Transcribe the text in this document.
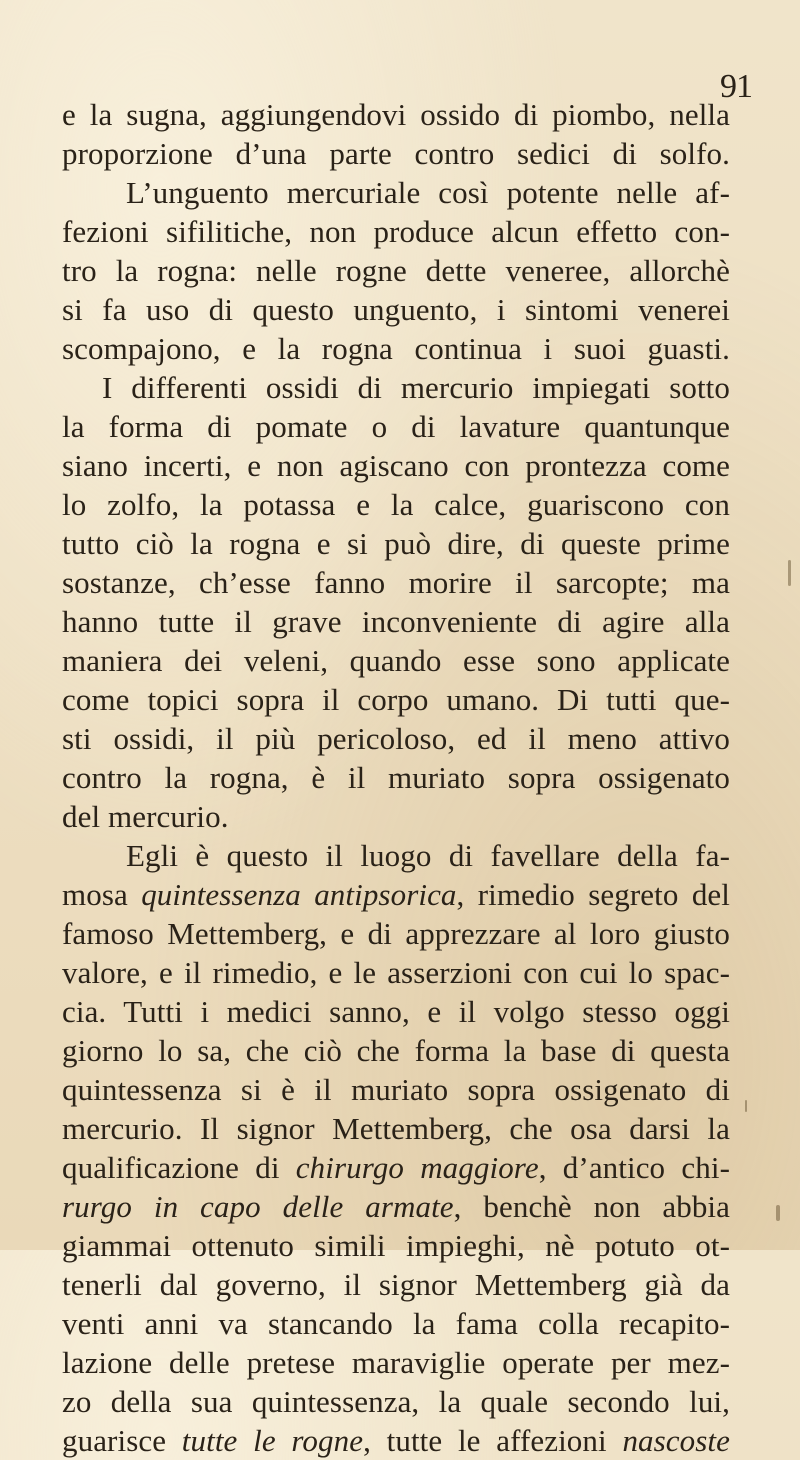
91
e la sugna, aggiungendovi ossido di piombo, nella
proporzione d’una parte contro sedici di solfo.
L’unguento mercuriale così potente nelle af-
fezioni sifilitiche, non produce alcun effetto con-
tro la rogna: nelle rogne dette veneree, allorchè
si fa uso di questo unguento, i sintomi venerei
scompajono, e la rogna continua i suoi guasti.
I differenti ossidi di mercurio impiegati sotto
la forma di pomate o di lavature quantunque
siano incerti, e non agiscano con prontezza come
lo zolfo, la potassa e la calce, guariscono con
tutto ciò la rogna e si può dire, di queste prime
sostanze, ch’esse fanno morire il sarcopte; ma
hanno tutte il grave inconveniente di agire alla
maniera dei veleni, quando esse sono applicate
come topici sopra il corpo umano. Di tutti que-
sti ossidi, il più pericoloso, ed il meno attivo
contro la rogna, è il muriato sopra ossigenato
del mercurio.
Egli è questo il luogo di favellare della fa-
mosa quintessenza antipsorica, rimedio segreto del
famoso Mettemberg, e di apprezzare al loro giusto
valore, e il rimedio, e le asserzioni con cui lo spac-
cia. Tutti i medici sanno, e il volgo stesso oggi
giorno lo sa, che ciò che forma la base di questa
quintessenza si è il muriato sopra ossigenato di
mercurio. Il signor Mettemberg, che osa darsi la
qualificazione di chirurgo maggiore, d’antico chi-
rurgo in capo delle armate, benchè non abbia
giammai ottenuto simili impieghi, nè potuto ot-
tenerli dal governo, il signor Mettemberg già da
venti anni va stancando la fama colla recapito-
lazione delle pretese maraviglie operate per mez-
zo della sua quintessenza, la quale secondo lui,
guarisce tutte le rogne, tutte le affezioni nascoste
